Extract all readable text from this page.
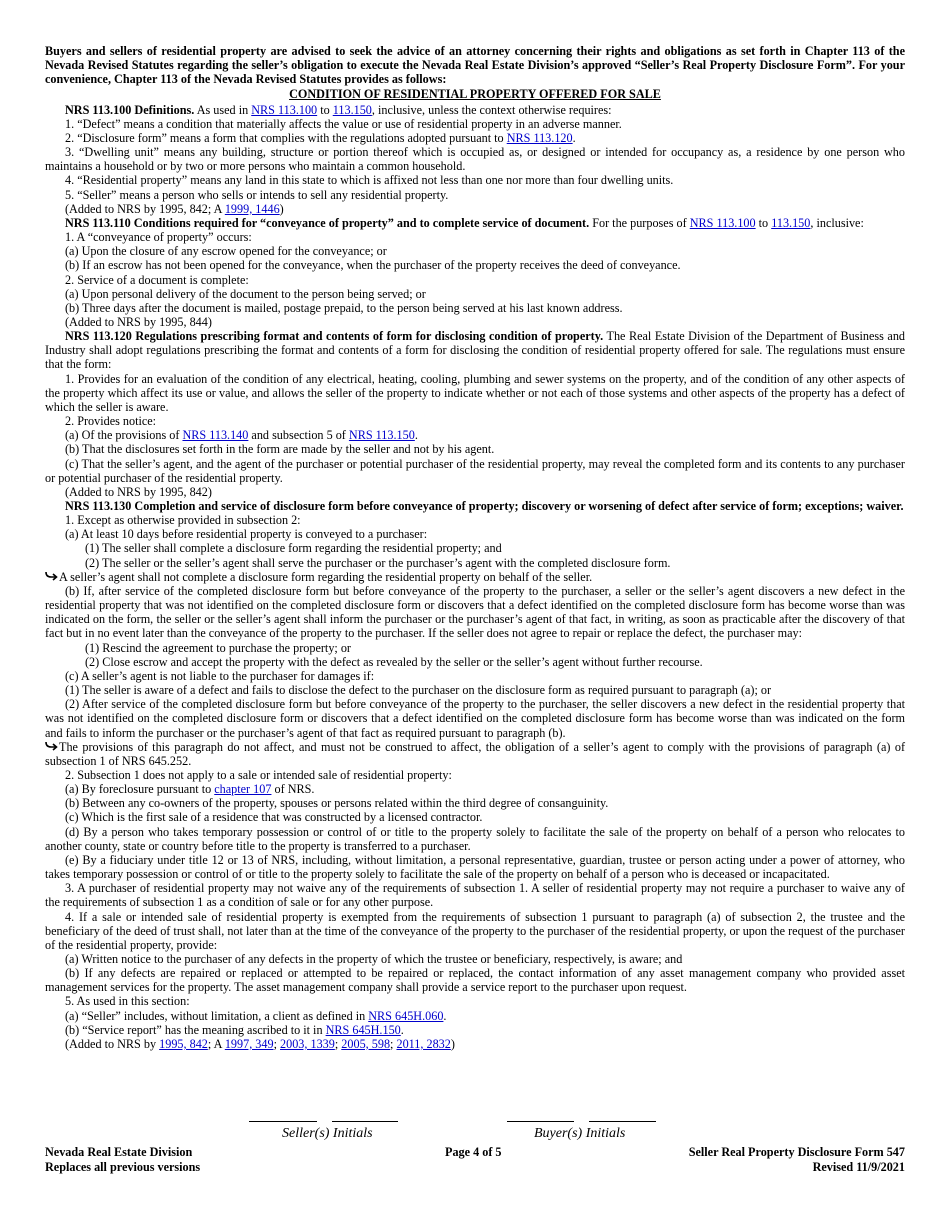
Buyers and sellers of residential property are advised to seek the advice of an attorney concerning their rights and obligations as set forth in Chapter 113 of the Nevada Revised Statutes regarding the seller’s obligation to execute the Nevada Real Estate Division’s approved “Seller’s Real Property Disclosure Form”. For your convenience, Chapter 113 of the Nevada Revised Statutes provides as follows:

CONDITION OF RESIDENTIAL PROPERTY OFFERED FOR SALE

NRS 113.100 Definitions. As used in NRS 113.100 to 113.150, inclusive, unless the context otherwise requires:

1. “Defect” means a condition that materially affects the value or use of residential property in an adverse manner.

2. “Disclosure form” means a form that complies with the regulations adopted pursuant to NRS 113.120.

3. “Dwelling unit” means any building, structure or portion thereof which is occupied as, or designed or intended for occupancy as, a residence by one person who maintains a household or by two or more persons who maintain a common household.

4. “Residential property” means any land in this state to which is affixed not less than one nor more than four dwelling units.

5. “Seller” means a person who sells or intends to sell any residential property.

(Added to NRS by 1995, 842; A 1999, 1446)

NRS 113.110 Conditions required for “conveyance of property” and to complete service of document. For the purposes of NRS 113.100 to 113.150, inclusive:

1. A “conveyance of property” occurs:

(a) Upon the closure of any escrow opened for the conveyance; or

(b) If an escrow has not been opened for the conveyance, when the purchaser of the property receives the deed of conveyance.

2. Service of a document is complete:

(a) Upon personal delivery of the document to the person being served; or

(b) Three days after the document is mailed, postage prepaid, to the person being served at his last known address.

(Added to NRS by 1995, 844)

NRS 113.120 Regulations prescribing format and contents of form for disclosing condition of property. The Real Estate Division of the Department of Business and Industry shall adopt regulations prescribing the format and contents of a form for disclosing the condition of residential property offered for sale. The regulations must ensure that the form:

1. Provides for an evaluation of the condition of any electrical, heating, cooling, plumbing and sewer systems on the property, and of the condition of any other aspects of the property which affect its use or value, and allows the seller of the property to indicate whether or not each of those systems and other aspects of the property has a defect of which the seller is aware.

2. Provides notice:

(a) Of the provisions of NRS 113.140 and subsection 5 of NRS 113.150.

(b) That the disclosures set forth in the form are made by the seller and not by his agent.

(c) That the seller’s agent, and the agent of the purchaser or potential purchaser of the residential property, may reveal the completed form and its contents to any purchaser or potential purchaser of the residential property.

(Added to NRS by 1995, 842)

NRS 113.130 Completion and service of disclosure form before conveyance of property; discovery or worsening of defect after service of form; exceptions; waiver.

1. Except as otherwise provided in subsection 2:

(a) At least 10 days before residential property is conveyed to a purchaser:

(1) The seller shall complete a disclosure form regarding the residential property; and

(2) The seller or the seller’s agent shall serve the purchaser or the purchaser’s agent with the completed disclosure form.

A seller’s agent shall not complete a disclosure form regarding the residential property on behalf of the seller.

(b) If, after service of the completed disclosure form but before conveyance of the property to the purchaser, a seller or the seller’s agent discovers a new defect in the residential property that was not identified on the completed disclosure form or discovers that a defect identified on the completed disclosure form has become worse than was indicated on the form, the seller or the seller’s agent shall inform the purchaser or the purchaser’s agent of that fact, in writing, as soon as practicable after the discovery of that fact but in no event later than the conveyance of the property to the purchaser. If the seller does not agree to repair or replace the defect, the purchaser may:

(1) Rescind the agreement to purchase the property; or

(2) Close escrow and accept the property with the defect as revealed by the seller or the seller’s agent without further recourse.

(c) A seller’s agent is not liable to the purchaser for damages if:

(1) The seller is aware of a defect and fails to disclose the defect to the purchaser on the disclosure form as required pursuant to paragraph (a); or

(2) After service of the completed disclosure form but before conveyance of the property to the purchaser, the seller discovers a new defect in the residential property that was not identified on the completed disclosure form or discovers that a defect identified on the completed disclosure form has become worse than was indicated on the form and fails to inform the purchaser or the purchaser’s agent of that fact as required pursuant to paragraph (b).

The provisions of this paragraph do not affect, and must not be construed to affect, the obligation of a seller’s agent to comply with the provisions of paragraph (a) of subsection 1 of NRS 645.252.

2. Subsection 1 does not apply to a sale or intended sale of residential property:

(a) By foreclosure pursuant to chapter 107 of NRS.

(b) Between any co-owners of the property, spouses or persons related within the third degree of consanguinity.

(c) Which is the first sale of a residence that was constructed by a licensed contractor.

(d) By a person who takes temporary possession or control of or title to the property solely to facilitate the sale of the property on behalf of a person who relocates to another county, state or country before title to the property is transferred to a purchaser.

(e) By a fiduciary under title 12 or 13 of NRS, including, without limitation, a personal representative, guardian, trustee or person acting under a power of attorney, who takes temporary possession or control of or title to the property solely to facilitate the sale of the property on behalf of a person who is deceased or incapacitated.

3. A purchaser of residential property may not waive any of the requirements of subsection 1. A seller of residential property may not require a purchaser to waive any of the requirements of subsection 1 as a condition of sale or for any other purpose.

4. If a sale or intended sale of residential property is exempted from the requirements of subsection 1 pursuant to paragraph (a) of subsection 2, the trustee and the beneficiary of the deed of trust shall, not later than at the time of the conveyance of the property to the purchaser of the residential property, or upon the request of the purchaser of the residential property, provide:

(a) Written notice to the purchaser of any defects in the property of which the trustee or beneficiary, respectively, is aware; and

(b) If any defects are repaired or replaced or attempted to be repaired or replaced, the contact information of any asset management company who provided asset management services for the property. The asset management company shall provide a service report to the purchaser upon request.

5. As used in this section:

(a) “Seller” includes, without limitation, a client as defined in NRS 645H.060.

(b) “Service report” has the meaning ascribed to it in NRS 645H.150.

(Added to NRS by 1995, 842; A 1997, 349; 2003, 1339; 2005, 598; 2011, 2832)

Seller(s) Initials	Buyer(s) Initials
Nevada Real Estate Division
Replaces all previous versions
Page 4 of 5	Seller Real Property Disclosure Form 547
Revised 11/9/2021
